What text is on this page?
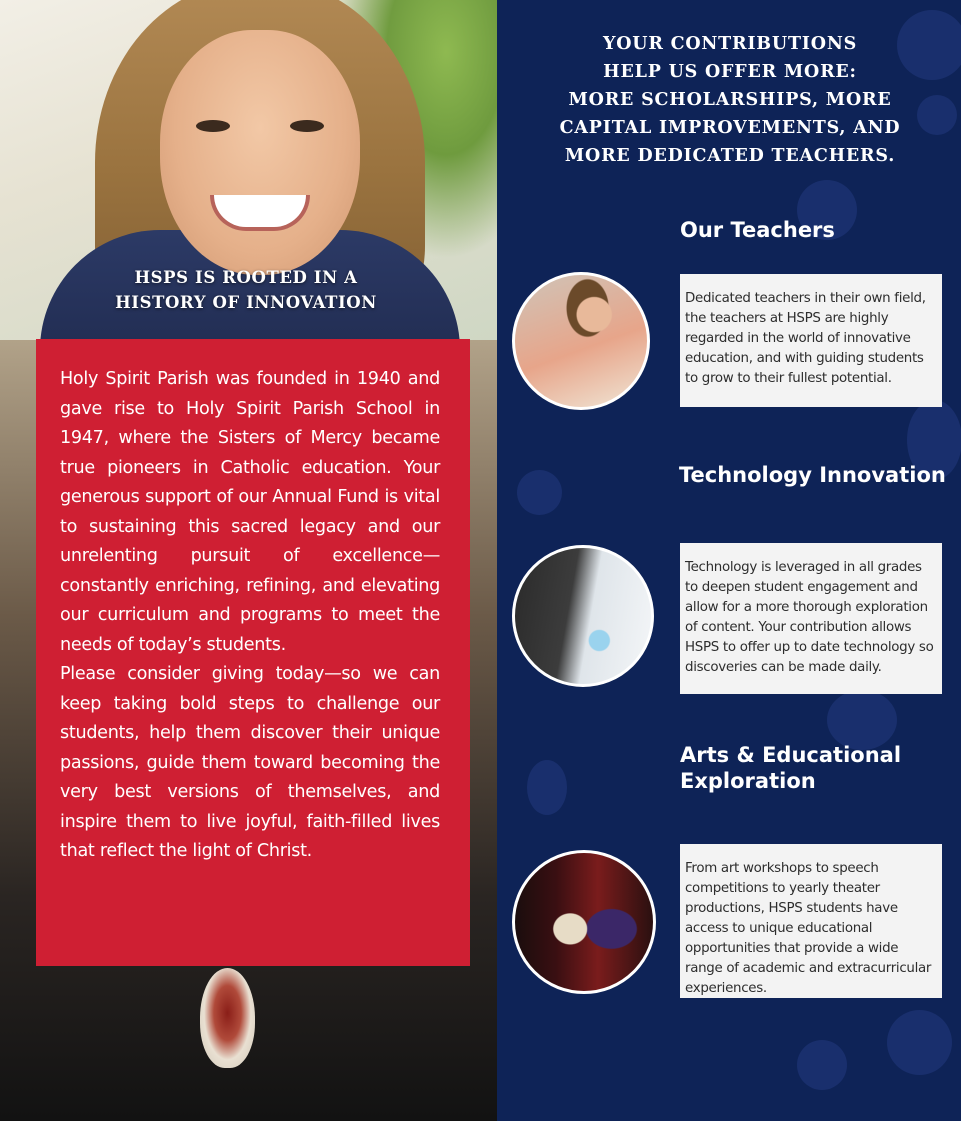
HSPS IS ROOTED IN A
HISTORY OF INNOVATION

Holy Spirit Parish was founded in 1940 and gave rise to Holy Spirit Parish School in 1947, where the Sisters of Mercy became true pioneers in Catholic education. Your generous support of our Annual Fund is vital to sustaining this sacred legacy and our unrelenting pursuit of excellence—constantly enriching, refining, and elevating our curriculum and programs to meet the needs of today’s students.

Please consider giving today—so we can keep taking bold steps to challenge our students, help them discover their unique passions, guide them toward becoming the very best versions of themselves, and inspire them to live joyful, faith-filled lives that reflect the light of Christ.

YOUR CONTRIBUTIONS
HELP US OFFER MORE:
MORE SCHOLARSHIPS, MORE
CAPITAL IMPROVEMENTS, AND
MORE DEDICATED TEACHERS.
Our Teachers
Dedicated teachers in their own field, the teachers at HSPS are highly regarded in the world of innovative education, and with guiding students to grow to their fullest potential.
Technology Innovation
Technology is leveraged in all grades to deepen student engagement and allow for a more thorough exploration of content. Your contribution allows HSPS to offer up to date technology so discoveries can be made daily.
Arts & Educational
Exploration
From art workshops to speech competitions to yearly theater productions, HSPS students have access to unique educational opportunities that provide a wide range of academic and extracurricular experiences.
